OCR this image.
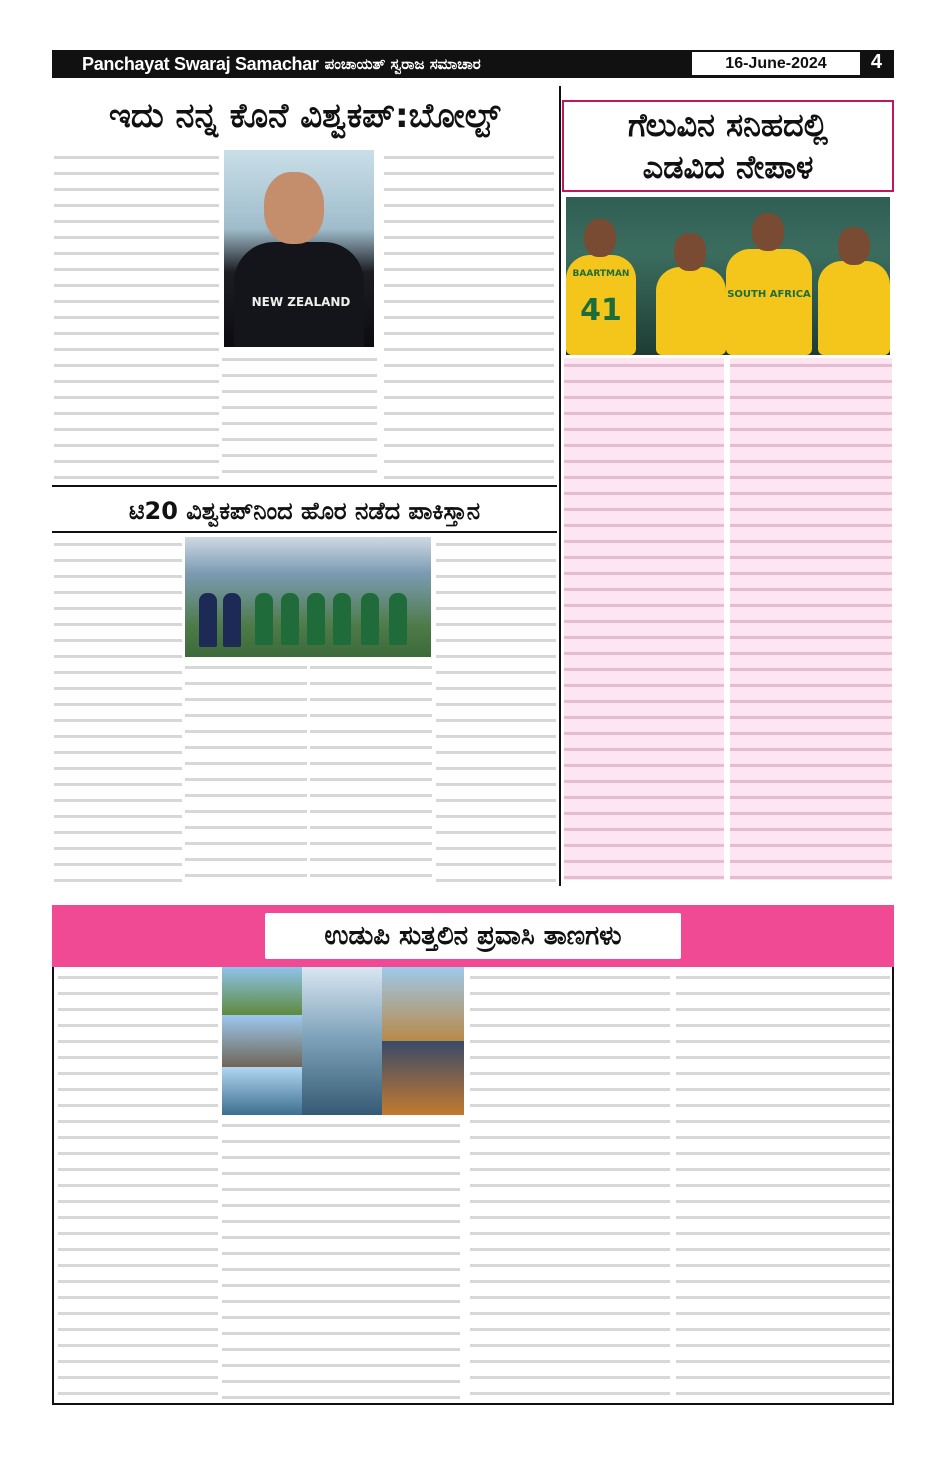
Panchayat Swaraj Samachar ಪಂಚಾಯತ್ ಸ್ವರಾಜ ಸಮಾಚಾರ	16-June-2024	4
ಇದು ನನ್ನ ಕೊನೆ ವಿಶ್ವಕಪ್:ಬೋಲ್ಟ್
NEW ZEALAND
ಗೆಲುವಿನ ಸನಿಹದಲ್ಲಿ
ಎಡವಿದ ನೇಪಾಳ
41
BAARTMAN
SOUTH AFRICA
ಟಿ20 ವಿಶ್ವಕಪ್‌ನಿಂದ ಹೊರ ನಡೆದ ಪಾಕಿಸ್ತಾನ
ಉಡುಪಿ ಸುತ್ತಲಿನ ಪ್ರವಾಸಿ ತಾಣಗಳು
